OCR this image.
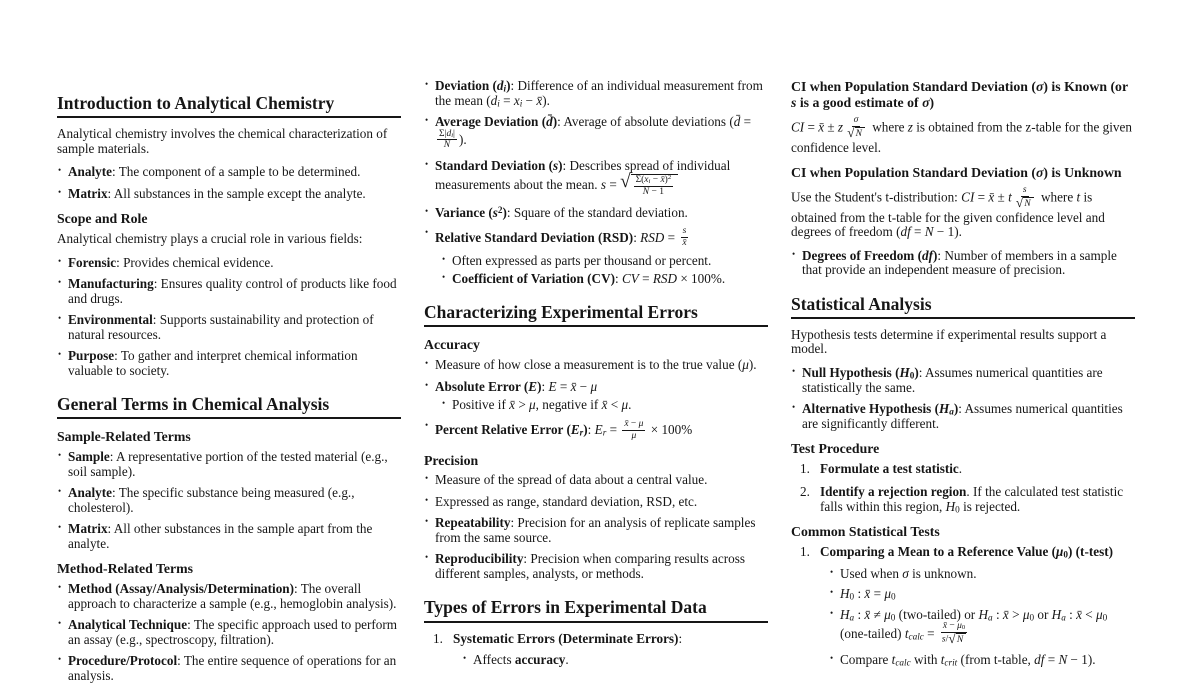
Introduction to Analytical Chemistry
Analytical chemistry involves the chemical characterization of sample materials.
• Analyte: The component of a sample to be determined.
• Matrix: All substances in the sample except the analyte.
Scope and Role
Analytical chemistry plays a crucial role in various fields:
• Forensic: Provides chemical evidence.
• Manufacturing: Ensures quality control of products like food and drugs.
• Environmental: Supports sustainability and protection of natural resources.
• Purpose: To gather and interpret chemical information valuable to society.
General Terms in Chemical Analysis
Sample-Related Terms
• Sample: A representative portion of the tested material (e.g., soil sample).
• Analyte: The specific substance being measured (e.g., cholesterol).
• Matrix: All other substances in the sample apart from the analyte.
Method-Related Terms
• Method (Assay/Analysis/Determination): The overall approach to characterize a sample (e.g., hemoglobin analysis).
• Analytical Technique: The specific approach used to perform an assay (e.g., spectroscopy, filtration).
• Procedure/Protocol: The entire sequence of operations for an analysis.
• Deviation $(d_i)$: Difference of an individual measurement from the mean ($d_i = x_i$ − x̄).
• Average Deviation (d̄): Average of absolute deviations (d̄ =
$\frac{\Sigma|d_i|}{N}$ ).
• Standard Deviation (s): Describes spread of individual measurements about the mean. s = √ $\frac{\Sigma(x_i - x̄)^2}{N - 1}$
• Variance $(s^2)$: Square of the standard deviation.
• Relative Standard Deviation (RSD): RSD = $\frac{s}{x̄}$
• Often expressed as parts per thousand or percent.
• Coefficient of Variation (CV): CV = RSD × 100%.
Characterizing Experimental Errors
Accuracy
• Measure of how close a measurement is to the true value (μ).
• Absolute Error (E): E = x̄ − μ
• Positive if x̄ > μ, negative if x̄ < μ.
• Percent Relative Error $(E_r)$: $E_r = \frac{x̄ - \mu}{\mu} \times 100\%$
Precision
• Measure of the spread of data about a central value.
• Expressed as range, standard deviation, RSD, etc.
• Repeatability: Precision for an analysis of replicate samples from the same source.
• Reproducibility: Precision when comparing results across different samples, analysts, or methods.
Types of Errors in Experimental Data
1. Systematic Errors (Determinate Errors):
• Affects accuracy.
CI when Population Standard Deviation (σ) is Known (or s is a good estimate of σ)
CI = x̄ ± z $\frac{\sigma}{√ N}$ where z is obtained from the z-table for the given confidence level.
CI when Population Standard Deviation (σ) is Unknown
Use the Student's t-distribution: CI = x̄ ± t $\frac{s}{√ N}$ where t is obtained from the t-table for the given confidence level and degrees of freedom (df = N − 1).
• Degrees of Freedom (df): Number of members in a sample that provide an independent measure of precision.
Statistical Analysis
Hypothesis tests determine if experimental results support a model.
• Null Hypothesis $(H_0)$: Assumes numerical quantities are statistically the same.
• Alternative Hypothesis $(H_a)$: Assumes numerical quantities are significantly different.
Test Procedure
1. Formulate a test statistic.
2. Identify a rejection region. If the calculated test statistic falls within this region, $H_0$ is rejected.
Common Statistical Tests
1. Comparing a Mean to a Reference Value $(\mu_0)$ (t-test)
• Used when σ is unknown.
• $H_0$ : x̄ = $\mu_0$
• $H_a$ : x̄ ≠ $\mu_0$ (two-tailed) or $H_a$ : x̄ > $\mu_0$ or $H_a$ : x̄ < $\mu_0$ (one-tailed) $t_{calc} = \frac{x̄ - \mu_0}{s/ √ N}$
• Compare $t_{calc}$ with $t_{crit}$ (from t-table, df = N − 1).
